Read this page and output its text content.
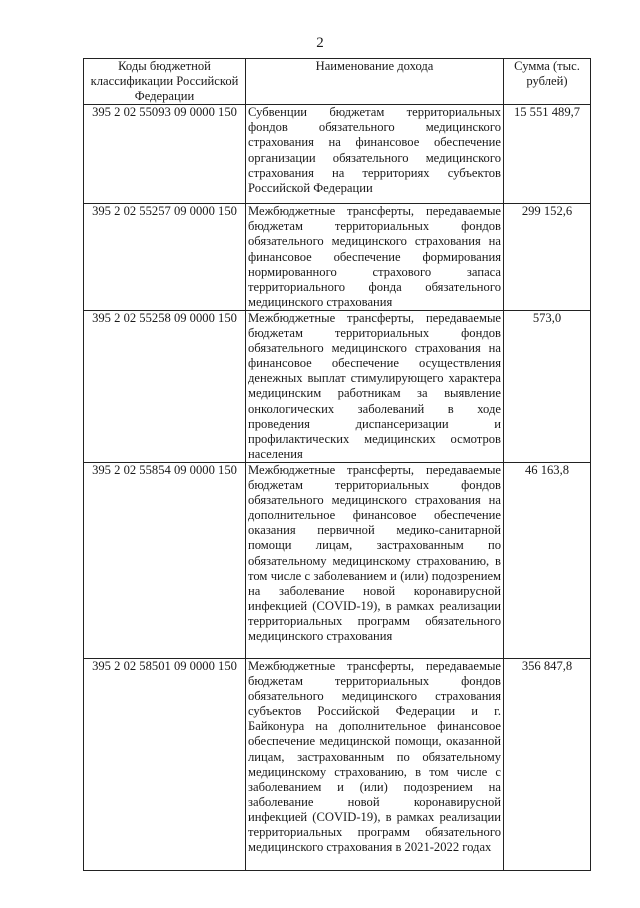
2
Коды бюджетной классификации Российской Федерации	Наименование дохода	Сумма (тыс. рублей)
395 2 02 55093 09 0000 150	Субвенции бюджетам территориальных фондов обязательного медицинского страхования на финансовое обеспечение организации обязательного медицинского страхования на территориях субъектов Российской Федерации	15 551 489,7
395 2 02 55257 09 0000 150	Межбюджетные трансферты, передаваемые бюджетам территориальных фондов обязательного медицинского страхования на финансовое обеспечение формирования нормированного страхового запаса территориального фонда обязательного медицинского страхования	299 152,6
395 2 02 55258 09 0000 150	Межбюджетные трансферты, передаваемые бюджетам территориальных фондов обязательного медицинского страхования на финансовое обеспечение осуществления денежных выплат стимулирующего характера медицинским работникам за выявление онкологических заболеваний в ходе проведения диспансеризации и профилактических медицинских осмотров населения	573,0
395 2 02 55854 09 0000 150	Межбюджетные трансферты, передаваемые бюджетам территориальных фондов обязательного медицинского страхования на дополнительное финансовое обеспечение оказания первичной медико-санитарной помощи лицам, застрахованным по обязательному медицинскому страхованию, в том числе с заболеванием и (или) подозрением на заболевание новой коронавирусной инфекцией (COVID-19), в рамках реализации территориальных программ обязательного медицинского страхования	46 163,8
395 2 02 58501 09 0000 150	Межбюджетные трансферты, передаваемые бюджетам территориальных фондов обязательного медицинского страхования субъектов Российской Федерации и г. Байконура на дополнительное финансовое обеспечение медицинской помощи, оказанной лицам, застрахованным по обязательному медицинскому страхованию, в том числе с заболеванием и (или) подозрением на заболевание новой коронавирусной инфекцией (COVID-19), в рамках реализации территориальных программ обязательного медицинского страхования в 2021-2022 годах	356 847,8
